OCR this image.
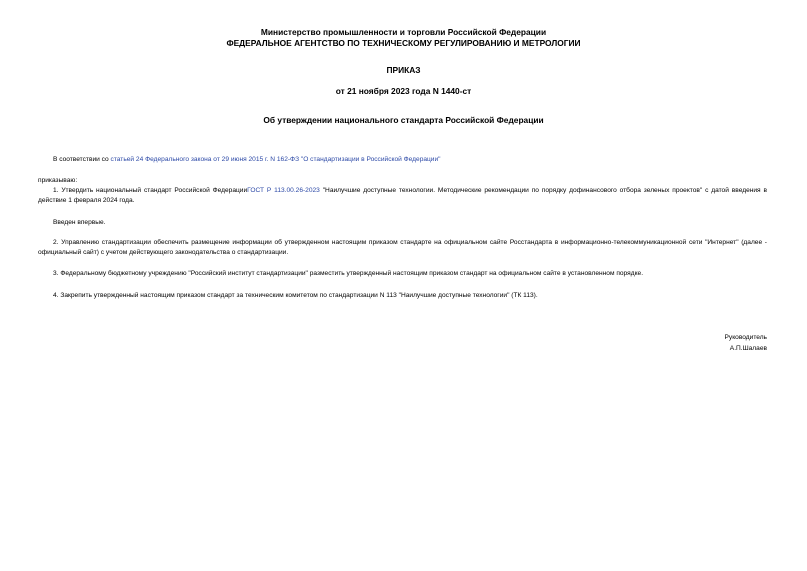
Министерство промышленности и торговли Российской Федерации
ФЕДЕРАЛЬНОЕ АГЕНТСТВО ПО ТЕХНИЧЕСКОМУ РЕГУЛИРОВАНИЮ И МЕТРОЛОГИИ
ПРИКАЗ
от 21 ноября 2023 года N 1440-ст
Об утверждении национального стандарта Российской Федерации
В соответствии со статьей 24 Федерального закона от 29 июня 2015 г. N 162-ФЗ "О стандартизации в Российской Федерации"
приказываю:
1. Утвердить национальный стандарт Российской ФедерацииГОСТ Р 113.00.26-2023 "Наилучшие доступные технологии. Методические рекомендации по порядку дофинансового отбора зеленых проектов" с датой введения в действие 1 февраля 2024 года.
Введен впервые.
2. Управлению стандартизации обеспечить размещение информации об утвержденном настоящим приказом стандарте на официальном сайте Росстандарта в информационно-телекоммуникационной сети "Интернет" (далее - официальный сайт) с учетом действующего законодательства о стандартизации.
3. Федеральному бюджетному учреждению "Российский институт стандартизации" разместить утвержденный настоящим приказом стандарт на официальном сайте в установленном порядке.
4. Закрепить утвержденный настоящим приказом стандарт за техническим комитетом по стандартизации N 113 "Наилучшие доступные технологии" (ТК 113).
Руководитель
А.П.Шалаев
